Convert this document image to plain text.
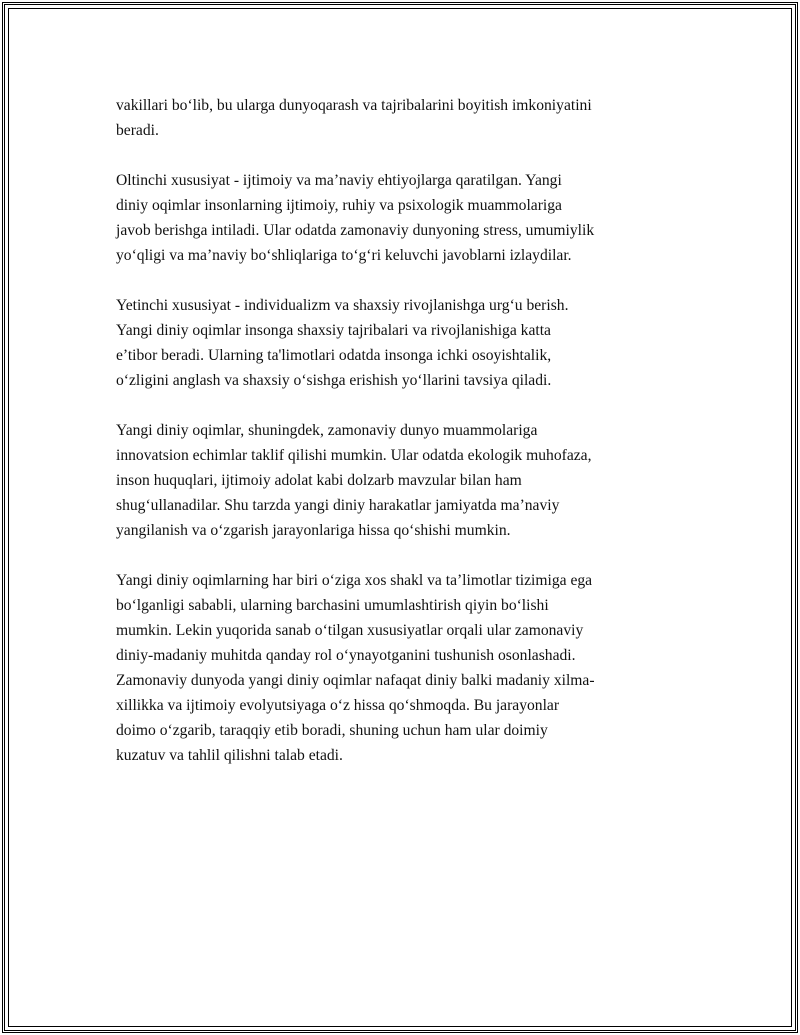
vakillari bo‘lib, bu ularga dunyoqarash va tajribalarini boyitish imkoniyatini
beradi.

Oltinchi xususiyat - ijtimoiy va ma’naviy ehtiyojlarga qaratilgan. Yangi
diniy oqimlar insonlarning ijtimoiy, ruhiy va psixologik muammolariga
javob berishga intiladi. Ular odatda zamonaviy dunyoning stress, umumiylik
yo‘qligi va ma’naviy bo‘shliqlariga to‘g‘ri keluvchi javoblarni izlaydilar.

Yetinchi xususiyat - individualizm va shaxsiy rivojlanishga urg‘u berish.
Yangi diniy oqimlar insonga shaxsiy tajribalari va rivojlanishiga katta
e’tibor beradi. Ularning ta'limotlari odatda insonga ichki osoyishtalik,
o‘zligini anglash va shaxsiy o‘sishga erishish yo‘llarini tavsiya qiladi.

Yangi diniy oqimlar, shuningdek, zamonaviy dunyo muammolariga
innovatsion echimlar taklif qilishi mumkin. Ular odatda ekologik muhofaza,
inson huquqlari, ijtimoiy adolat kabi dolzarb mavzular bilan ham
shug‘ullanadilar. Shu tarzda yangi diniy harakatlar jamiyatda ma’naviy
yangilanish va o‘zgarish jarayonlariga hissa qo‘shishi mumkin.

Yangi diniy oqimlarning har biri o‘ziga xos shakl va ta’limotlar tizimiga ega
bo‘lganligi sababli, ularning barchasini umumlashtirish qiyin bo‘lishi
mumkin. Lekin yuqorida sanab o‘tilgan xususiyatlar orqali ular zamonaviy
diniy-madaniy muhitda qanday rol o‘ynayotganini tushunish osonlashadi.
Zamonaviy dunyoda yangi diniy oqimlar nafaqat diniy balki madaniy xilma-
xillikka va ijtimoiy evolyutsiyaga o‘z hissa qo‘shmoqda. Bu jarayonlar
doimo o‘zgarib, taraqqiy etib boradi, shuning uchun ham ular doimiy
kuzatuv va tahlil qilishni talab etadi.
